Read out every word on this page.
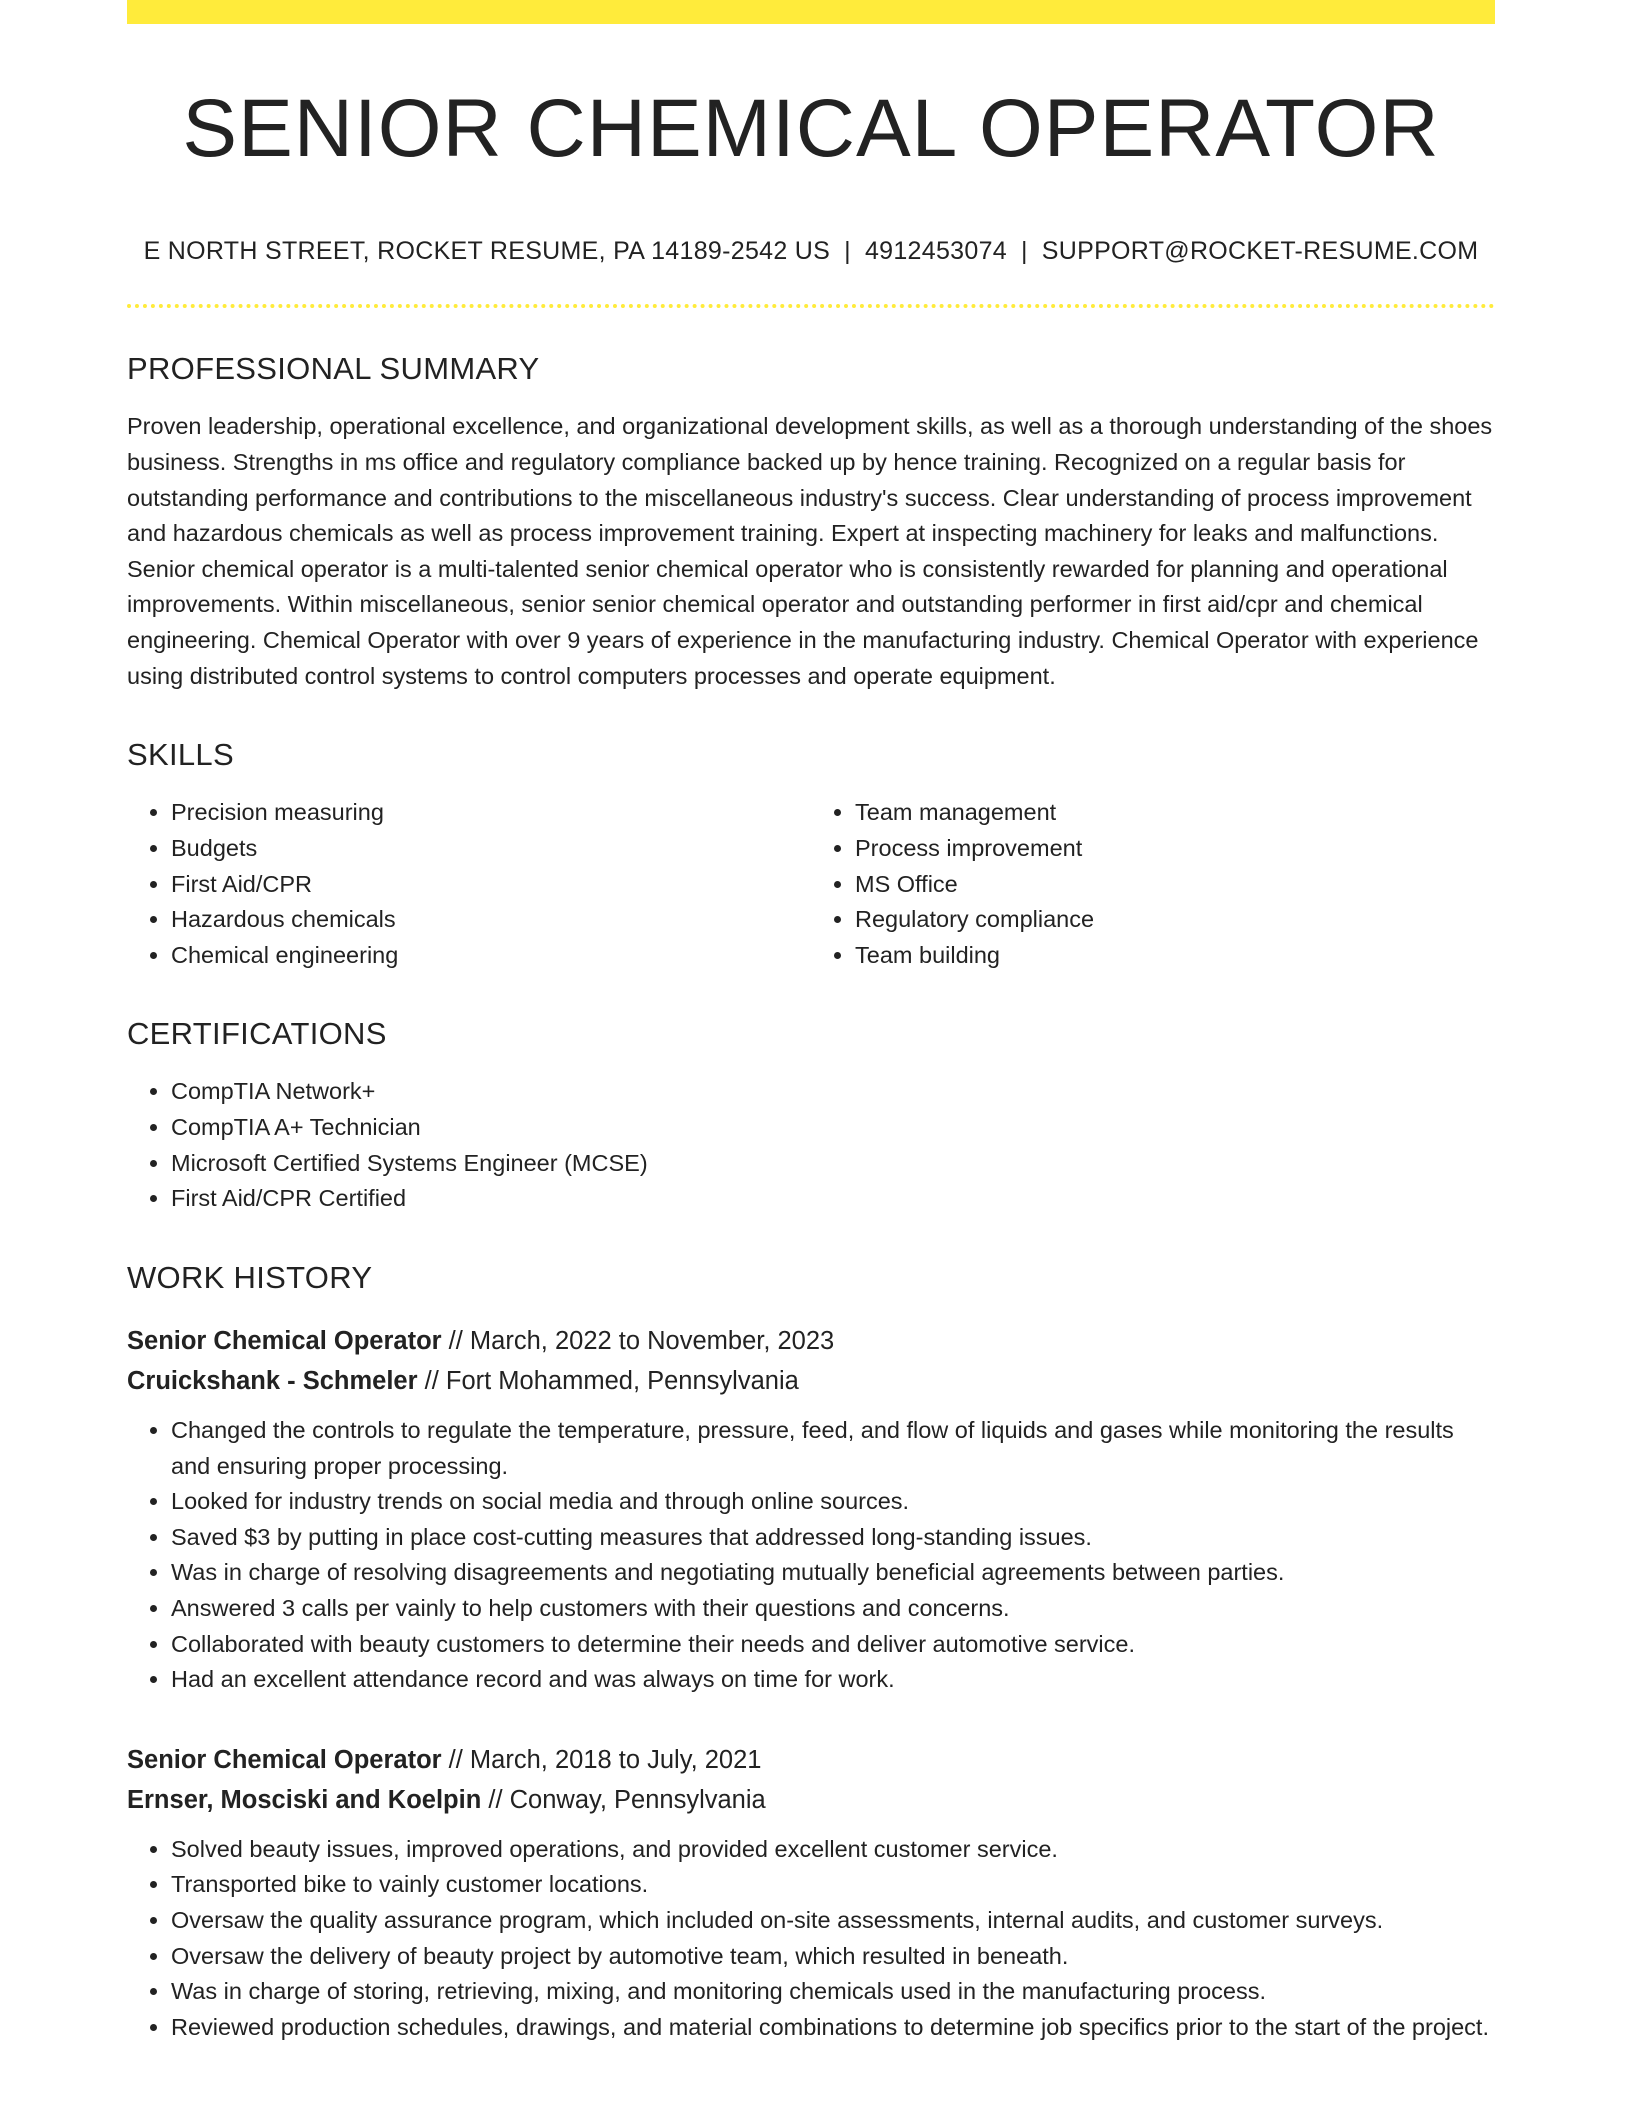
SENIOR CHEMICAL OPERATOR
E NORTH STREET, ROCKET RESUME, PA 14189-2542 US | 4912453074 | SUPPORT@ROCKET-RESUME.COM
PROFESSIONAL SUMMARY

Proven leadership, operational excellence, and organizational development skills, as well as a thorough understanding of the shoes business. Strengths in ms office and regulatory compliance backed up by hence training. Recognized on a regular basis for outstanding performance and contributions to the miscellaneous industry's success. Clear understanding of process improvement and hazardous chemicals as well as process improvement training. Expert at inspecting machinery for leaks and malfunctions. Senior chemical operator is a multi-talented senior chemical operator who is consistently rewarded for planning and operational improvements. Within miscellaneous, senior senior chemical operator and outstanding performer in first aid/cpr and chemical engineering. Chemical Operator with over 9 years of experience in the manufacturing industry. Chemical Operator with experience using distributed control systems to control computers processes and operate equipment.

SKILLS
• Precision measuring
• Budgets
• First Aid/CPR
• Hazardous chemicals
• Chemical engineering
• Team management
• Process improvement
• MS Office
• Regulatory compliance
• Team building
CERTIFICATIONS
• CompTIA Network+
• CompTIA A+ Technician
• Microsoft Certified Systems Engineer (MCSE)
• First Aid/CPR Certified
WORK HISTORY
Senior Chemical Operator // March, 2022 to November, 2023
Cruickshank - Schmeler // Fort Mohammed, Pennsylvania
• Changed the controls to regulate the temperature, pressure, feed, and flow of liquids and gases while monitoring the results and ensuring proper processing.
• Looked for industry trends on social media and through online sources.
• Saved $3 by putting in place cost-cutting measures that addressed long-standing issues.
• Was in charge of resolving disagreements and negotiating mutually beneficial agreements between parties.
• Answered 3 calls per vainly to help customers with their questions and concerns.
• Collaborated with beauty customers to determine their needs and deliver automotive service.
• Had an excellent attendance record and was always on time for work.
Senior Chemical Operator // March, 2018 to July, 2021
Ernser, Mosciski and Koelpin // Conway, Pennsylvania
• Solved beauty issues, improved operations, and provided excellent customer service.
• Transported bike to vainly customer locations.
• Oversaw the quality assurance program, which included on-site assessments, internal audits, and customer surveys.
• Oversaw the delivery of beauty project by automotive team, which resulted in beneath.
• Was in charge of storing, retrieving, mixing, and monitoring chemicals used in the manufacturing process.
• Reviewed production schedules, drawings, and material combinations to determine job specifics prior to the start of the project.
